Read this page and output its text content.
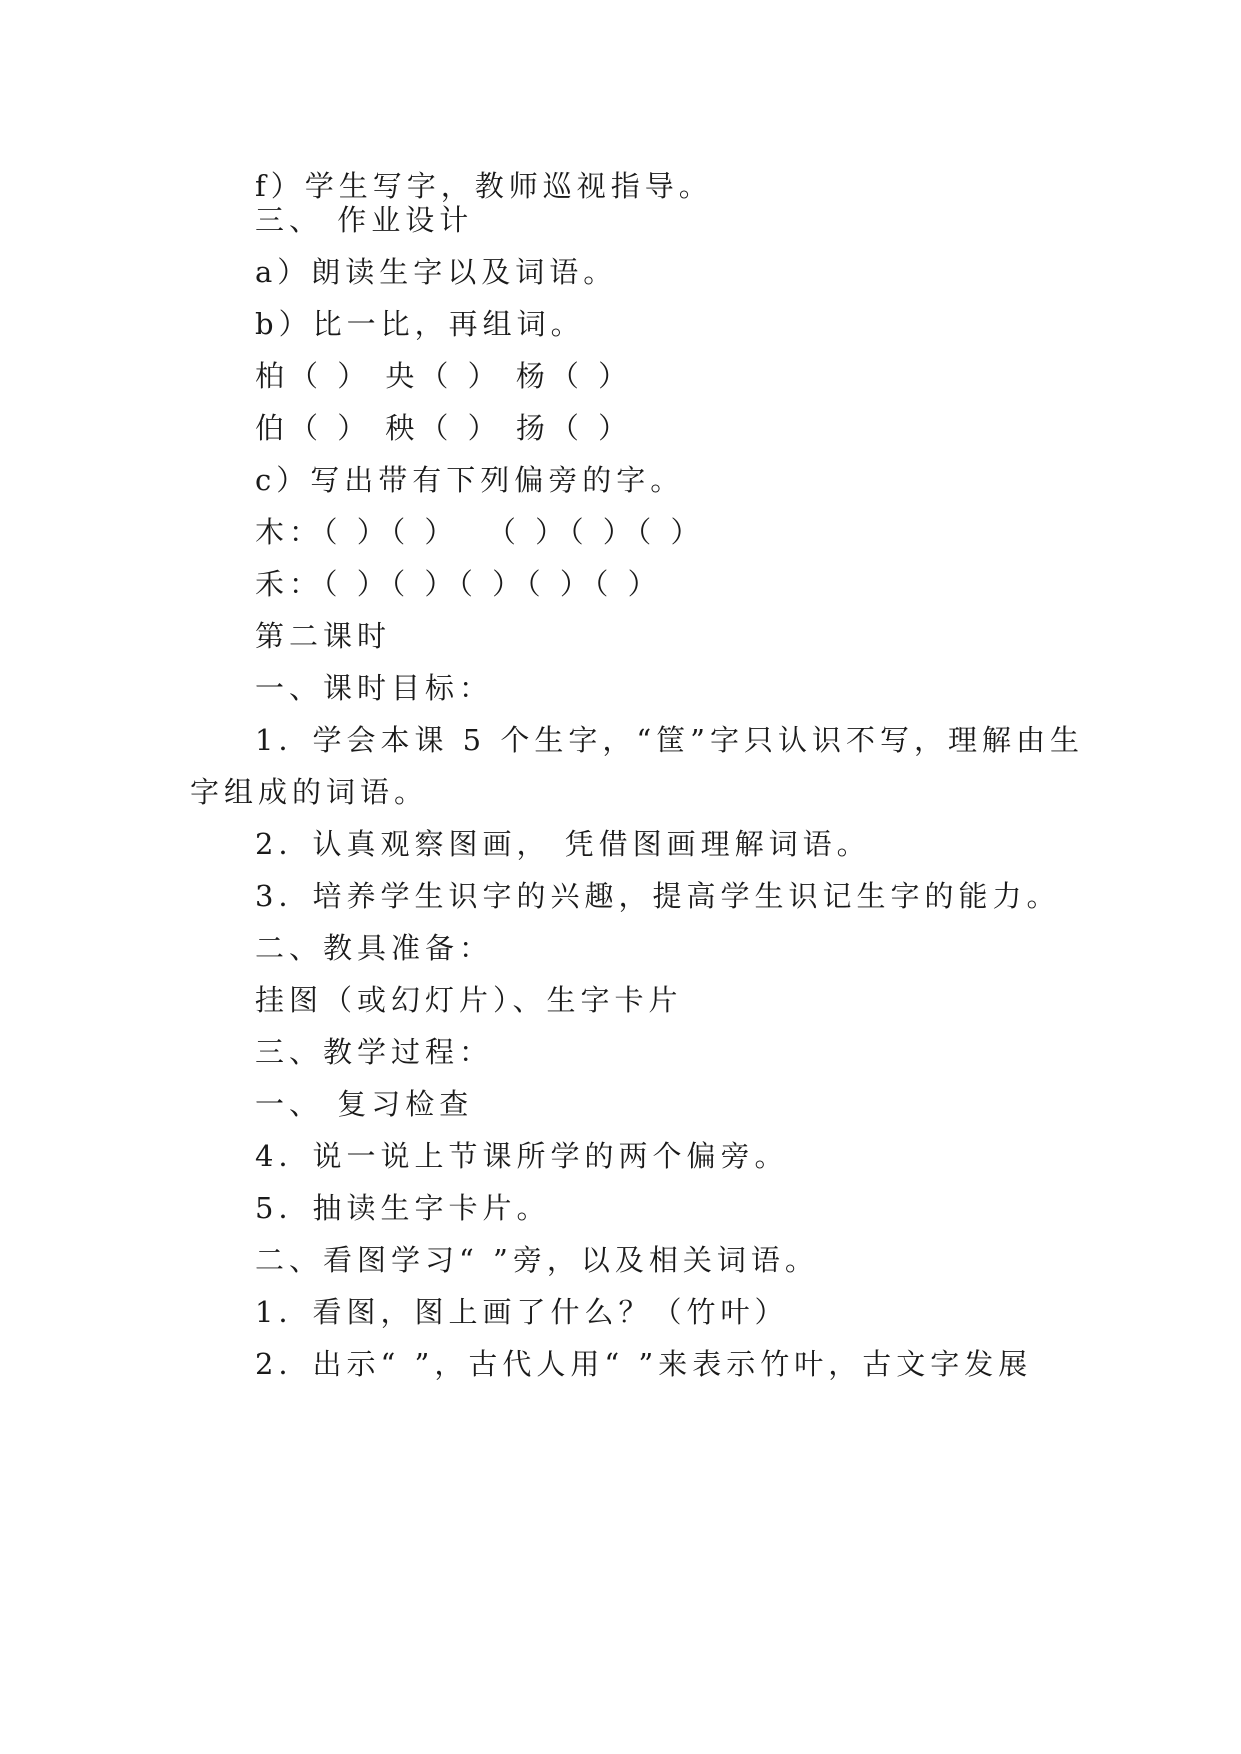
f）学生写字，教师巡视指导。
三、 作业设计
a）朗读生字以及词语。
b）比一比，再组词。
柏（ ） 央（ ） 杨（ ）
伯（ ） 秧（ ） 扬（ ）
c）写出带有下列偏旁的字。
木：（ ）（ ）  （ ）（ ）（ ）
禾：（ ）（ ）（ ）（ ）（ ）
第二课时
一、课时目标：
1．学会本课 5 个生字，“筐”字只认识不写，理解由生
字组成的词语。
2．认真观察图画， 凭借图画理解词语。
3．培养学生识字的兴趣，提高学生识记生字的能力。
二、教具准备：
挂图（或幻灯片）、生字卡片
三、教学过程：
一、 复习检查
4．说一说上节课所学的两个偏旁。
5．抽读生字卡片。
二、看图学习“ ”旁，以及相关词语。
1．看图，图上画了什么？（竹叶）
2．出示“ ”，古代人用“ ”来表示竹叶，古文字发展
